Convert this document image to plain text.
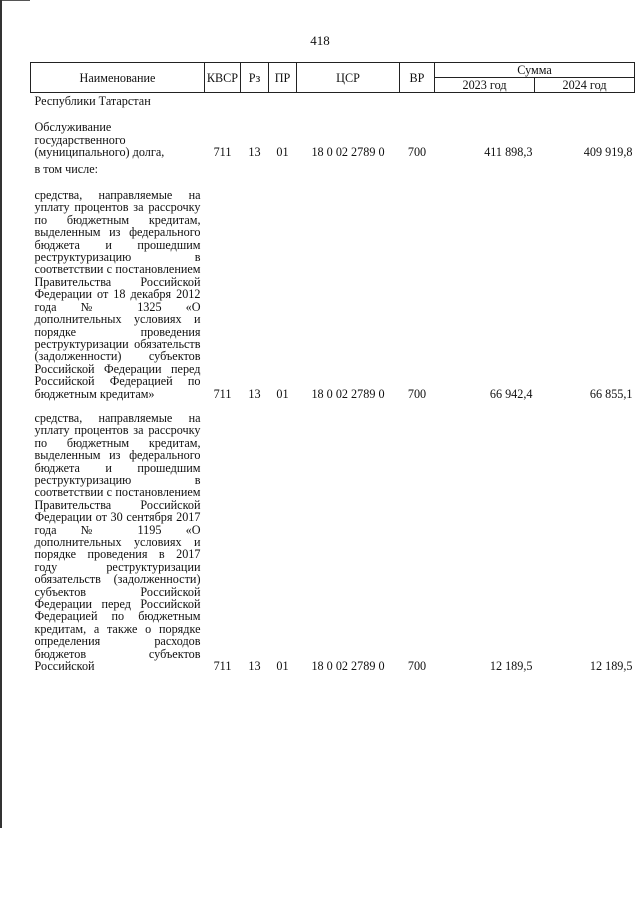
418
Наименование	КВСР	Рз	ПР	ЦСР	ВР	Сумма	
						2023 год	2024 год
Республики Татарстан							
Обслуживание государственного (муниципального) долга,	711	13	01	18 0 02 2789 0	700	411 898,3	409 919,8
в том числе:							
средства, направляемые на уплату процентов за рассрочку по бюджетным кредитам, выделенным из федерального бюджета и прошедшим реструктуризацию в соответствии с постановлением Правительства Российской Федерации от 18 декабря 2012 года № 1325 «О дополнительных условиях и порядке проведения реструктуризации обязательств (задолженности) субъектов Российской Федерации перед Российской Федерацией по бюджетным кредитам»	711	13	01	18 0 02 2789 0	700	66 942,4	66 855,1
средства, направляемые на уплату процентов за рассрочку по бюджетным кредитам, выделенным из федерального бюджета и прошедшим реструктуризацию в соответствии с постановлением Правительства Российской Федерации от 30 сентября 2017 года № 1195 «О дополнительных условиях и порядке проведения в 2017 году реструктуризации обязательств (задолженности) субъектов Российской Федерации перед Российской Федерацией по бюджетным кредитам, а также о порядке определения расходов бюджетов субъектов Российской	711	13	01	18 0 02 2789 0	700	12 189,5	12 189,5
